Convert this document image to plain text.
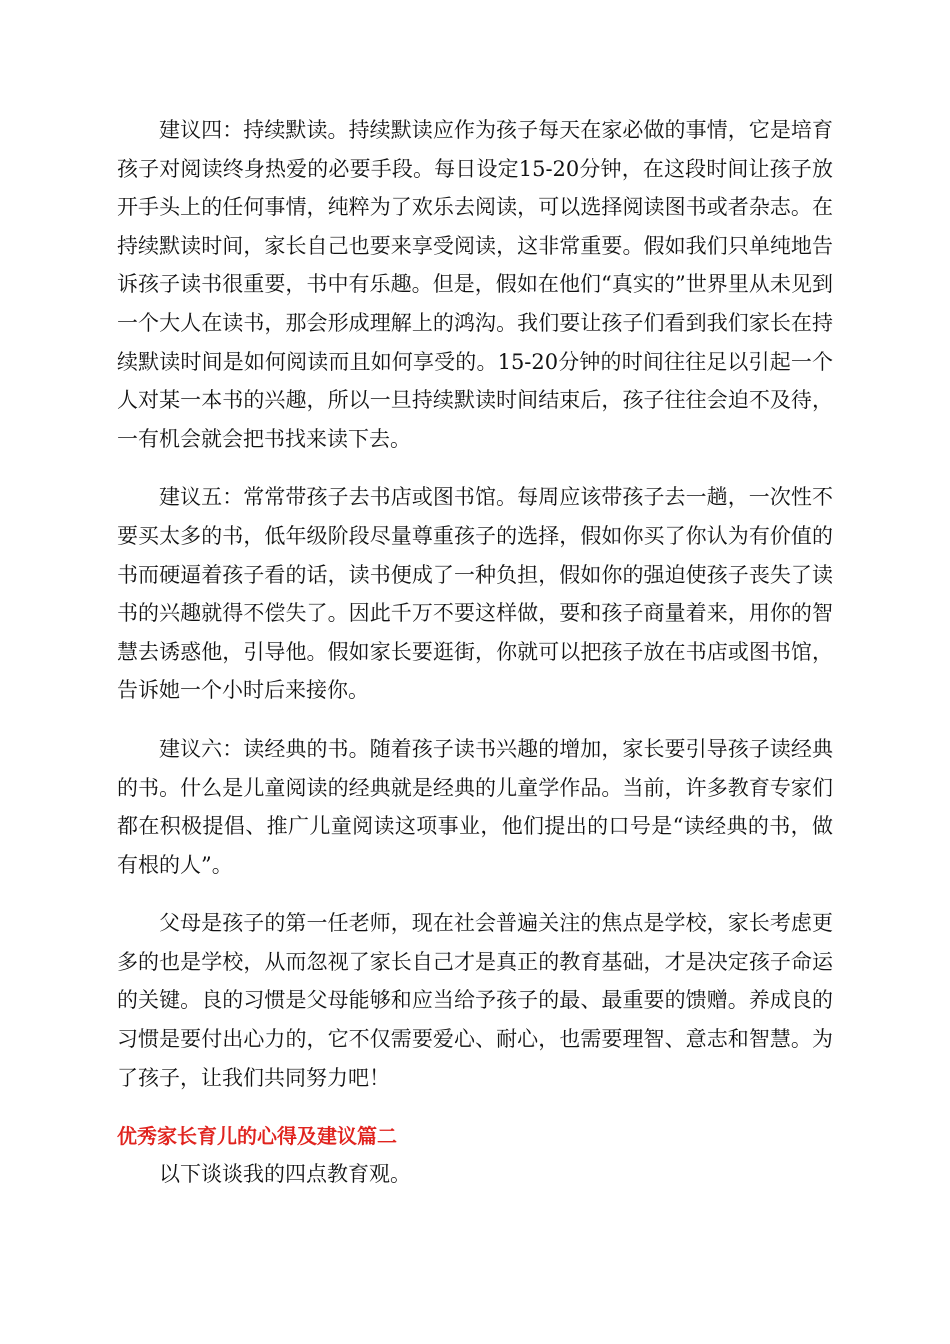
建议四：持续默读。持续默读应作为孩子每天在家必做的事情，它是培育孩子对阅读终身热爱的必要手段。每日设定15-20分钟，在这段时间让孩子放开手头上的任何事情，纯粹为了欢乐去阅读，可以选择阅读图书或者杂志。在持续默读时间，家长自己也要来享受阅读，这非常重要。假如我们只单纯地告诉孩子读书很重要，书中有乐趣。但是，假如在他们“真实的”世界里从未见到一个大人在读书，那会形成理解上的鸿沟。我们要让孩子们看到我们家长在持续默读时间是如何阅读而且如何享受的。15-20分钟的时间往往足以引起一个人对某一本书的兴趣，所以一旦持续默读时间结束后，孩子往往会迫不及待，一有机会就会把书找来读下去。

建议五：常常带孩子去书店或图书馆。每周应该带孩子去一趟，一次性不要买太多的书，低年级阶段尽量尊重孩子的选择，假如你买了你认为有价值的书而硬逼着孩子看的话，读书便成了一种负担，假如你的强迫使孩子丧失了读书的兴趣就得不偿失了。因此千万不要这样做，要和孩子商量着来，用你的智慧去诱惑他，引导他。假如家长要逛街，你就可以把孩子放在书店或图书馆，告诉她一个小时后来接你。

建议六：读经典的书。随着孩子读书兴趣的增加，家长要引导孩子读经典的书。什么是儿童阅读的经典就是经典的儿童学作品。当前，许多教育专家们都在积极提倡、推广儿童阅读这项事业，他们提出的口号是“读经典的书，做有根的人”。

父母是孩子的第一任老师，现在社会普遍关注的焦点是学校，家长考虑更多的也是学校，从而忽视了家长自己才是真正的教育基础，才是决定孩子命运的关键。良的习惯是父母能够和应当给予孩子的最、最重要的馈赠。养成良的习惯是要付出心力的，它不仅需要爱心、耐心，也需要理智、意志和智慧。为了孩子，让我们共同努力吧！

优秀家长育儿的心得及建议篇二

以下谈谈我的四点教育观。
